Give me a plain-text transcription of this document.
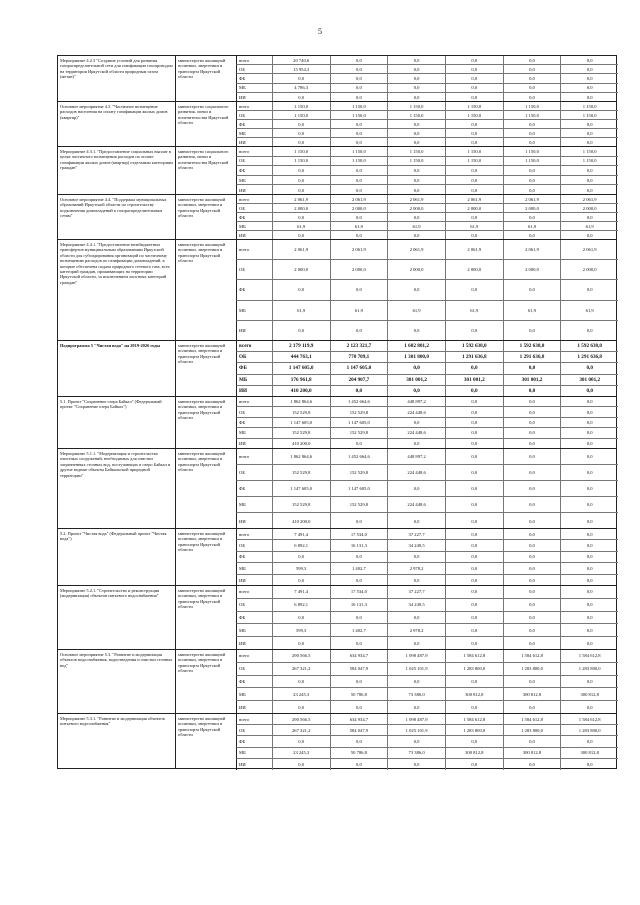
5
Мероприятие 4.2.3 "Создание условий для развития газораспределительной сети для газификации газопроводом на территории Иркутской области природным газом (метан)"
министерство жилищной политики, энергетики и транспорта Иркутской области
всего	20 740,6	0,0	0,0	0,0	0,0	0,0
ОБ	15 954,3	0,0	0,0	0,0	0,0	0,0
ФБ	0,0	0,0	0,0	0,0	0,0	0,0
МБ	4 786,3	0,0	0,0	0,0	0,0	0,0
ИИ	0,0	0,0	0,0	0,0	0,0	0,0
Основное мероприятие 4.3. "Частичное возмещение расходов населения на оплату газификации жилых домов (квартир)"
министерство социального развития, опеки и попечительства Иркутской области
всего	1 150,0	1 150,0	1 150,0	1 150,0	1 150,0	1 150,0
ОБ	1 150,0	1 150,0	1 150,0	1 150,0	1 150,0	1 150,0
ФБ	0,0	0,0	0,0	0,0	0,0	0,0
МБ	0,0	0,0	0,0	0,0	0,0	0,0
ИИ	0,0	0,0	0,0	0,0	0,0	0,0
Мероприятие 4.3.1. "Предоставление социальных выплат в целях частичного возмещения расходов по оплате газификации жилых домов (квартир) отдельным категориям граждан"
министерство социального развития, опеки и попечительства Иркутской области
всего	1 150,0	1 150,0	1 150,0	1 150,0	1 150,0	1 150,0
ОБ	1 150,0	1 150,0	1 150,0	1 150,0	1 150,0	1 150,0
ФБ	0,0	0,0	0,0	0,0	0,0	0,0
МБ	0,0	0,0	0,0	0,0	0,0	0,0
ИИ	0,0	0,0	0,0	0,0	0,0	0,0
Основное мероприятие 4.4. "Поддержка муниципальных образований Иркутской области по строительству подключения домовладений к газораспределительным сетям"
министерство жилищной политики, энергетики и транспорта Иркутской области
всего	2 061,9	2 061,9	2 061,9	2 061,9	2 061,9	2 061,9
ОБ	2 000,0	2 000,0	2 000,0	2 000,0	2 000,0	2 000,0
ФБ	0,0	0,0	0,0	0,0	0,0	0,0
МБ	61,9	61,9	61,9	61,9	61,9	61,9
ИИ	0,0	0,0	0,0	0,0	0,0	0,0
Мероприятие 4.4.1. "Предоставление межбюджетных трансфертов муниципальным образованиям Иркутской области для субсидирования организаций по частичному возмещению расходов по газификации домовладений, в которые обеспечена подача природного сетевого газа, всех категорий граждан, проживающих на территории Иркутской области, за исключением льготных категорий граждан"
министерство жилищной политики, энергетики и транспорта Иркутской области
всего	2 061,9	2 061,9	2 061,9	2 061,9	2 061,9	2 061,9
ОБ	2 000,0	2 000,0	2 000,0	2 000,0	2 000,0	2 000,0
ФБ	0,0	0,0	0,0	0,0	0,0	0,0
МБ	61,9	61,9	61,9	61,9	61,9	61,9
ИИ	0,0	0,0	0,0	0,0	0,0	0,0
Подпрограмма 5 "Чистая вода" на 2019-2026 годы	министерство жилищной политики, энергетики и транспорта Иркутской области
всего	2 179 119,9	2 123 321,7	1 602 801,2	1 592 638,0	1 592 638,0	1 592 638,0
ОБ	444 763,1	770 709,1	1 301 800,0	1 291 636,8	1 291 636,8	1 291 636,8
ФБ	1 147 605,0	1 147 605,0	0,0	0,0	0,0	0,0
МБ	176 961,8	204 907,7	301 001,2	301 001,2	301 001,2	301 001,2
ИИ	410 200,0	0,0	0,0	0,0	0,0	0,0
5.1. Проект "Сохранение озера Байкал" (Федеральный проект "Сохранение озера Байкал")
министерство жилищной политики, энергетики и транспорта Иркутской области
всего	1 862 864,6	1 452 664,6	448 897,2	0,0	0,0	0,0
ОБ	152 529,8	152 529,8	224 448,6	0,0	0,0	0,0
ФБ	1 147 605,0	1 147 605,0	0,0	0,0	0,0	0,0
МБ	152 529,8	152 529,8	224 448,6	0,0	0,0	0,0
ИИ	410 200,0	0,0	0,0	0,0	0,0	0,0
Мероприятие 5.1.1. "Модернизация и строительство очистных сооружений, необходимых для очистки загрязненных сточных вод, поступающих в озеро Байкал и другие водные объекты Байкальской природной территории"
министерство жилищной политики, энергетики и транспорта Иркутской области
всего	1 862 864,6	1 452 664,6	448 897,2	0,0	0,0	0,0
ОБ	152 529,8	152 529,8	224 448,6	0,0	0,0	0,0
ФБ	1 147 605,0	1 147 605,0	0,0	0,0	0,0	0,0
МБ	152 529,8	152 529,8	224 448,6	0,0	0,0	0,0
ИИ	410 200,0	0,0	0,0	0,0	0,0	0,0
5.2. Проект "Чистая вода" (Федеральный проект "Чистая вода")
министерство жилищной политики, энергетики и транспорта Иркутской области
всего	7 491,4	17 534,0	37 227,7	0,0	0,0	0,0
ОБ	6 892,1	16 131,3	34 249,5	0,0	0,0	0,0
ФБ	0,0	0,0	0,0	0,0	0,0	0,0
МБ	599,3	1 402,7	2 978,2	0,0	0,0	0,0
ИИ	0,0	0,0	0,0	0,0	0,0	0,0
Мероприятие 5.2.1. "Строительство и реконструкция (модернизация) объектов питьевого водоснабжения"
министерство жилищной политики, энергетики и транспорта Иркутской области
всего	7 491,4	17 534,0	37 227,7	0,0	0,0	0,0
ОБ	6 892,1	16 131,3	34 249,5	0,0	0,0	0,0
ФБ	0,0	0,0	0,0	0,0	0,0	0,0
МБ	599,3	1 402,7	2 978,2	0,0	0,0	0,0
ИИ	0,0	0,0	0,0	0,0	0,0	0,0
Основное мероприятие 5.3. "Развитие и модернизация объектов водоснабжения, водоотведения и очистки сточных вод"
министерство жилищной политики, энергетики и транспорта Иркутской области
всего	290 566,5	634 934,7	1 098 487,9	1 584 612,8	1 584 612,8	1 584 612,8
ОБ	267 321,2	584 047,9	1 025 101,9	1 283 800,0	1 283 800,0	1 283 800,0
ФБ	0,0	0,0	0,0	0,0	0,0	0,0
МБ	23 245,3	50 786,8	73 386,0	300 812,8	300 812,8	300 812,8
ИИ	0,0	0,0	0,0	0,0	0,0	0,0
Мероприятие 5.3.1. "Развитие и модернизация объектов питьевого водоснабжения"
министерство жилищной политики, энергетики и транспорта Иркутской области
всего	290 566,5	634 934,7	1 098 487,9	1 584 612,8	1 584 612,8	1 584 612,8
ОБ	267 321,2	584 047,9	1 025 101,9	1 283 800,0	1 283 800,0	1 283 800,0
ФБ	0,0	0,0	0,0	0,0	0,0	0,0
МБ	23 245,3	50 786,8	73 386,0	300 812,8	300 812,8	300 812,8
ИИ	0,0	0,0	0,0	0,0	0,0	0,0
